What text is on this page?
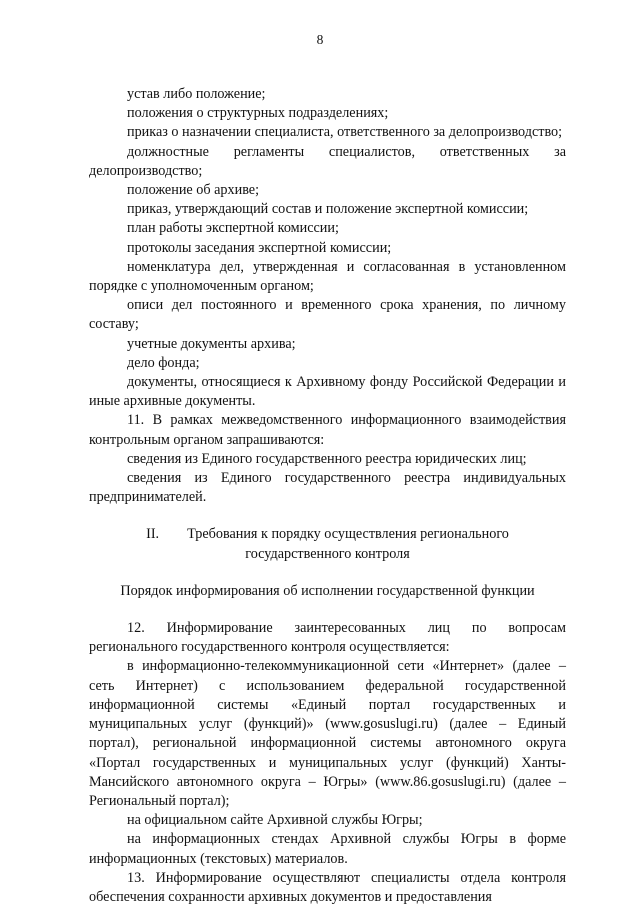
8

устав либо положение;

положения о структурных подразделениях;

приказ о назначении специалиста, ответственного за делопроизводство;

должностные регламенты специалистов, ответственных за делопроизводство;

положение об архиве;

приказ, утверждающий состав и положение экспертной комиссии;

план работы экспертной комиссии;

протоколы заседания экспертной комиссии;

номенклатура дел, утвержденная и согласованная в установленном порядке с уполномоченным органом;

описи дел постоянного и временного срока хранения, по личному составу;

учетные документы архива;

дело фонда;

документы, относящиеся к Архивному фонду Российской Федерации и иные архивные документы.

11. В рамках межведомственного информационного взаимодействия контрольным органом запрашиваются:

сведения из Единого государственного реестра юридических лиц;

сведения из Единого государственного реестра индивидуальных предпринимателей.

II. Требования к порядку осуществления регионального

государственного контроля

Порядок информирования об исполнении государственной функции

12. Информирование заинтересованных лиц по вопросам регионального государственного контроля осуществляется:

в информационно-телекоммуникационной сети «Интернет» (далее – сеть Интернет) с использованием федеральной государственной информационной системы «Единый портал государственных и муниципальных услуг (функций)» (www.gosuslugi.ru) (далее – Единый портал), региональной информационной системы автономного округа «Портал государственных и муниципальных услуг (функций) Ханты-Мансийского автономного округа – Югры» (www.86.gosuslugi.ru) (далее – Региональный портал);

на официальном сайте Архивной службы Югры;

на информационных стендах Архивной службы Югры в форме информационных (текстовых) материалов.

13. Информирование осуществляют специалисты отдела контроля обеспечения сохранности архивных документов и предоставления
